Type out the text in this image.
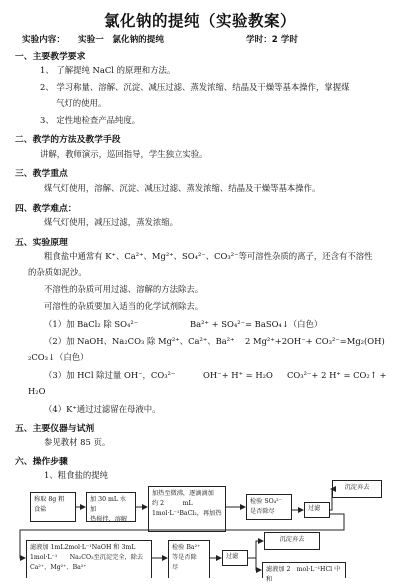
氯化钠的提纯（实验教案）
实验内容： 实验一　氯化钠的提纯	学时：2 学时
一、主要教学要求
1、 了解提纯 NaCl 的原理和方法。
2、 学习称量、溶解、沉淀、减压过滤、蒸发浓缩、结晶及干燥等基本操作，掌握煤
气灯的使用。
3、 定性地检查产品纯度。
二、教学的方法及教学手段
讲解，教师演示，巡回指导，学生独立实验。
三、教学重点
煤气灯使用，溶解、沉淀、减压过滤、蒸发浓缩、结晶及干燥等基本操作。
四、教学难点：
煤气灯使用，减压过滤，蒸发浓缩。
五、实验原理
粗食盐中通常有 K⁺、Ca²⁺、Mg²⁺、SO₄²⁻、CO₃²⁻等可溶性杂质的离子，还含有不溶性
的杂质如泥沙。
不溶性的杂质可用过滤、溶解的方法除去。
可溶性的杂质要加入适当的化学试剂除去。
（1）加 BaCl₂ 除 SO₄²⁻	Ba²⁺ + SO₄²⁻= BaSO₄↓（白色）
（2）加 NaOH、Na₂CO₃ 除 Mg²⁺、Ca²⁺、Ba²⁺ 2 Mg²⁺+2OH⁻+ CO₃²⁻=Mg₂(OH)
₂CO₃↓（白色）
（3）加 HCl 除过量 OH⁻，CO₃²⁻	OH⁻+ H⁺ = H₂O CO₃²⁻+ 2 H⁺ = CO₂↑ +
H₂O
（4）K⁺通过过滤留在母液中。
五、主要仪器与试剂
参见教材 85 页。
六、操作步骤
1、粗食盐的提纯
称取 8g 粗
食盐
加 30 mL 水加
热搅拌，溶解
加热至微沸，逐滴滴加
约 2　　　mL
1mol·L⁻¹BaCl₂，再加热
检验 SO₄²⁻
是否除尽	过滤
沉淀弃去
滤液加 1mL2mol·L⁻¹NaOH 和 3mL
1mol·L⁻¹　　Na₂CO₃至沉淀完全，除去
Ca²⁺、Mg²⁺、Ba²⁺
检验 Ba²⁺
等是否除
尽
过滤
沉淀弃去
滤液加 2　mol·L⁻¹HCl 中和
